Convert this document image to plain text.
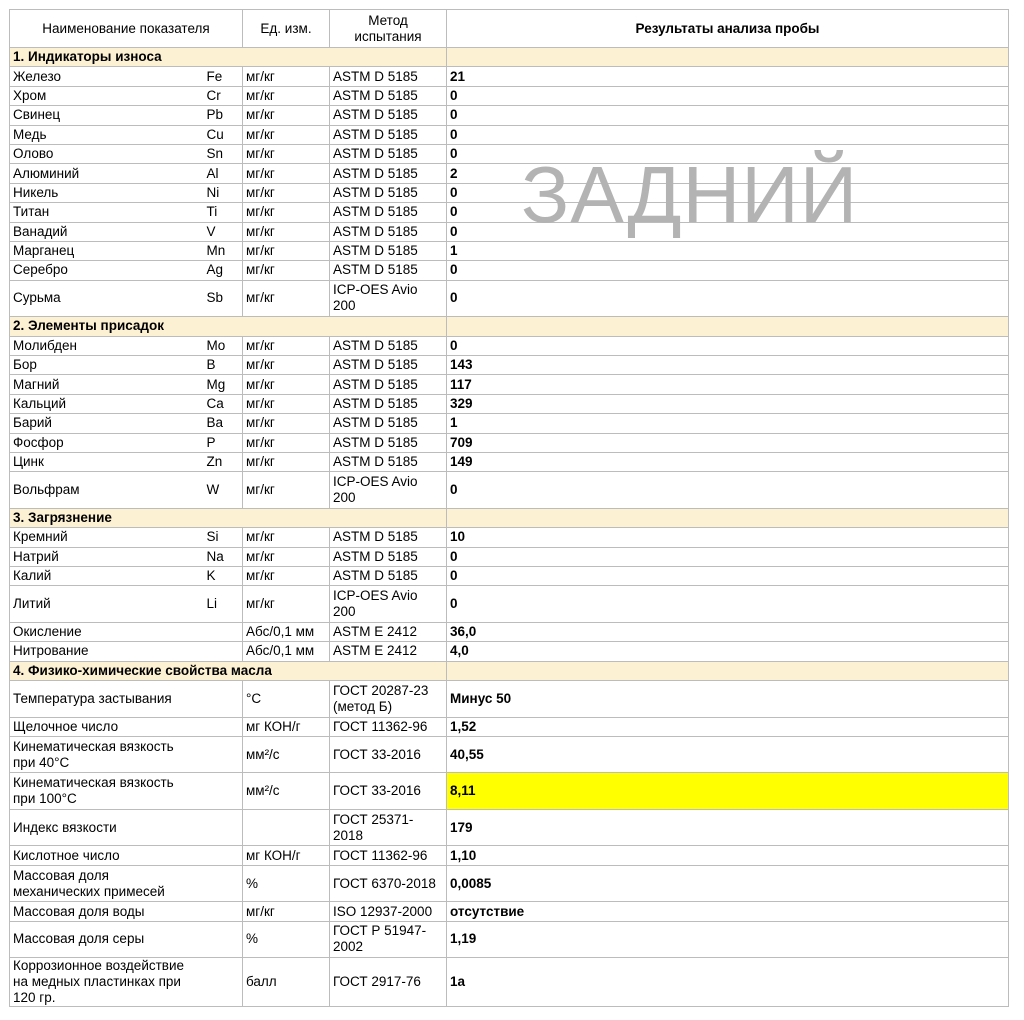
Наименование показателя		Ед. изм.	Метод испытания	Результаты анализа пробы
1. Индикаторы износа				
Железо	Fe	мг/кг	ASTM D 5185	21
Хром	Cr	мг/кг	ASTM D 5185	0
Свинец	Pb	мг/кг	ASTM D 5185	0
Медь	Cu	мг/кг	ASTM D 5185	0
Олово	Sn	мг/кг	ASTM D 5185	0
Алюминий	Al	мг/кг	ASTM D 5185	2
Никель	Ni	мг/кг	ASTM D 5185	0
Титан	Ti	мг/кг	ASTM D 5185	0
Ванадий	V	мг/кг	ASTM D 5185	0
Марганец	Mn	мг/кг	ASTM D 5185	1
Серебро	Ag	мг/кг	ASTM D 5185	0
Сурьма	Sb	мг/кг	ICP-OES Avio 200	0
2. Элементы присадок				
Молибден	Mo	мг/кг	ASTM D 5185	0
Бор	B	мг/кг	ASTM D 5185	143
Магний	Mg	мг/кг	ASTM D 5185	117
Кальций	Ca	мг/кг	ASTM D 5185	329
Барий	Ba	мг/кг	ASTM D 5185	1
Фосфор	P	мг/кг	ASTM D 5185	709
Цинк	Zn	мг/кг	ASTM D 5185	149
Вольфрам	W	мг/кг	ICP-OES Avio 200	0
3. Загрязнение				
Кремний	Si	мг/кг	ASTM D 5185	10
Натрий	Na	мг/кг	ASTM D 5185	0
Калий	K	мг/кг	ASTM D 5185	0
Литий	Li	мг/кг	ICP-OES Avio 200	0
Окисление		Абс/0,1 мм	ASTM E 2412	36,0
Нитрование		Абс/0,1 мм	ASTM E 2412	4,0
4. Физико-химические свойства масла				
Температура застывания		°C	ГОСТ 20287-23 (метод Б)	Минус 50
Щелочное число		мг КОН/г	ГОСТ 11362-96	1,52
Кинематическая вязкость при 40°C		мм²/с	ГОСТ 33-2016	40,55
Кинематическая вязкость при 100°C		мм²/с	ГОСТ 33-2016	8,11
Индекс вязкости			ГОСТ 25371-2018	179
Кислотное число		мг КОН/г	ГОСТ 11362-96	1,10
Массовая доля механических примесей		%	ГОСТ 6370-2018	0,0085
Массовая доля воды		мг/кг	ISO 12937-2000	отсутствие
Массовая доля серы		%	ГОСТ Р 51947-2002	1,19
Коррозионное воздействие на медных пластинках при 120 гр.		балл	ГОСТ 2917-76	1а
ЗАДНИЙ
